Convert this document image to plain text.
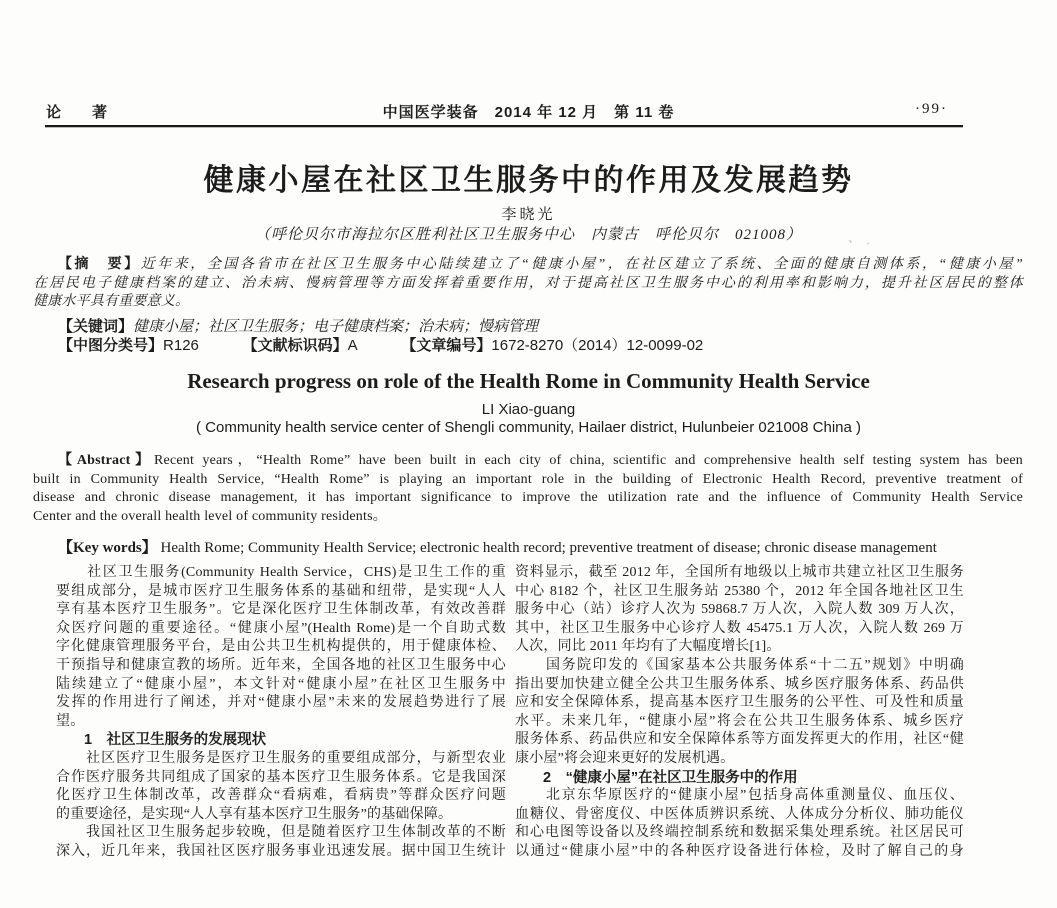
论　著	中国医学装备　2014 年 12 月　第 11 卷	·99·
健康小屋在社区卫生服务中的作用及发展趋势
李晓光
（呼伦贝尔市海拉尔区胜利社区卫生服务中心　内蒙古　呼伦贝尔　021008）	、ˏ
【摘　要】近年来，全国各省市在社区卫生服务中心陆续建立了“健康小屋”，在社区建立了系统、全面的健康自测体系，“健康小屋”
在居民电子健康档案的建立、治未病、慢病管理等方面发挥着重要作用，对于提高社区卫生服务中心的利用率和影响力，提升社区居民的整体
健康水平具有重要意义。
【关键词】健康小屋；社区卫生服务；电子健康档案；治未病；慢病管理
【中图分类号】R126	【文献标识码】A	【文章编号】1672-8270（2014）12-0099-02
Research progress on role of the Health Rome in Community Health Service
LI Xiao-guang
( Community health service center of Shengli community, Hailaer district, Hulunbeier 021008 China )
【Abstract】Recent years，“Health Rome” have been built in each city of china, scientific and comprehensive health self testing system has been
built in Community Health Service, “Health Rome” is playing an important role in the building of Electronic Health Record, preventive treatment of
disease and chronic disease management, it has important significance to improve the utilization rate and the influence of Community Health Service
Center and the overall health level of community residents。
【Key words】 Health Rome; Community Health Service; electronic health record; preventive treatment of disease; chronic disease management
　　社区卫生服务(Community Health Service，CHS)是卫生工作的重
要组成部分，是城市医疗卫生服务体系的基础和纽带，是实现“人人
享有基本医疗卫生服务”。它是深化医疗卫生体制改革，有效改善群
众医疗问题的重要途径。“健康小屋”(Health Rome)是一个自助式数
字化健康管理服务平台，是由公共卫生机构提供的，用于健康体检、
干预指导和健康宣教的场所。近年来，全国各地的社区卫生服务中心
陆续建立了“健康小屋”，本文针对“健康小屋”在社区卫生服务中
发挥的作用进行了阐述，并对“健康小屋”未来的发展趋势进行了展
望。
1　社区卫生服务的发展现状
　　社区医疗卫生服务是医疗卫生服务的重要组成部分，与新型农业
合作医疗服务共同组成了国家的基本医疗卫生服务体系。它是我国深
化医疗卫生体制改革，改善群众“看病难，看病贵”等群众医疗问题
的重要途径，是实现“人人享有基本医疗卫生服务”的基础保障。
　　我国社区卫生服务起步较晚，但是随着医疗卫生体制改革的不断
深入，近几年来，我国社区医疗服务事业迅速发展。据中国卫生统计
资料显示，截至 2012 年，全国所有地级以上城市共建立社区卫生服务
中心 8182 个，社区卫生服务站 25380 个，2012 年全国各地社区卫生
服务中心（站）诊疗人次为 59868.7 万人次，入院人数 309 万人次，
其中，社区卫生服务中心诊疗人数 45475.1 万人次，入院人数 269 万
人次，同比 2011 年均有了大幅度增长[1]。
　　国务院印发的《国家基本公共服务体系“十二五”规划》中明确
指出要加快建立健全公共卫生服务体系、城乡医疗服务体系、药品供
应和安全保障体系，提高基本医疗卫生服务的公平性、可及性和质量
水平。未来几年，“健康小屋”将会在公共卫生服务体系、城乡医疗
服务体系、药品供应和安全保障体系等方面发挥更大的作用，社区“健
康小屋”将会迎来更好的发展机遇。
2　“健康小屋”在社区卫生服务中的作用
　　北京东华原医疗的“健康小屋”包括身高体重测量仪、血压仪、
血糖仪、骨密度仪、中医体质辨识系统、人体成分分析仪、肺功能仪
和心电图等设备以及终端控制系统和数据采集处理系统。社区居民可
以通过“健康小屋”中的各种医疗设备进行体检，及时了解自己的身
